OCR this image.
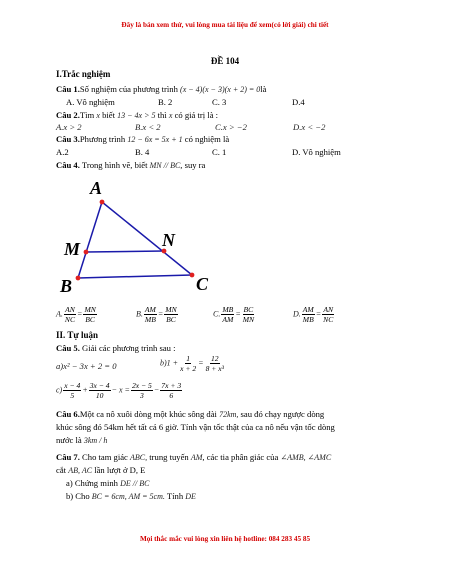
Đây là bản xem thử, vui lòng mua tài liệu để xem(có lời giải) chi tiết
ĐỀ 104
I.Trắc nghiệm
Câu 1.Số nghiệm của phương trình (x − 4)(x − 3)(x + 2) = 0là
A. Vô nghiệm	B. 2	C. 3	D.4
Câu 2.Tìm x biết 13 − 4x > 5 thì x có giá trị là :
A.x > 2	B.x < 2	C.x > −2	D.x < −2
Câu 3.Phương trình 12 − 6x = 5x + 1 có nghiệm là
A.2	B. 4	C. 1	D. Vô nghiệm
Câu 4. Trong hình vẽ, biết MN // BC, suy ra
A
M	N
B	C
A. $\frac{AN}{NC} = \frac{MN}{BC}$	B. $\frac{AM}{MB} = \frac{MN}{BC}$	C. $\frac{MB}{AM} = \frac{BC}{MN}$	D. $\frac{AM}{MB} = \frac{AN}{NC}$
II. Tự luận
Câu 5. Giải các phương trình sau :
a)x² − 3x + 2 = 0	$b)1 + \frac{1}{x + 2} = \frac{12}{\text{8 + x³}}$
$c) \frac{x - 4}{5} + \frac{3x - 4}{10} - x = \frac{2x - 5}{3} - \frac{7x + 3}{6}$
Câu 6.Một ca nô xuôi dòng một khúc sông dài 72km, sau đó chạy ngược dòng
khúc sông đó 54km hết tất cả 6 giờ. Tính vận tốc thật của ca nô nếu vận tốc dòng
nước là 3km / h
Câu 7. Cho tam giác ABC, trung tuyến AM, các tia phân giác của ∠AMB, ∠AMC
cắt AB, AC lần lượt ở D, E
a) Chứng minh DE // BC
b) Cho BC = 6cm, AM = 5cm. Tính DE
Mọi thắc mắc vui lòng xin liên hệ hotline: 084 283 45 85
